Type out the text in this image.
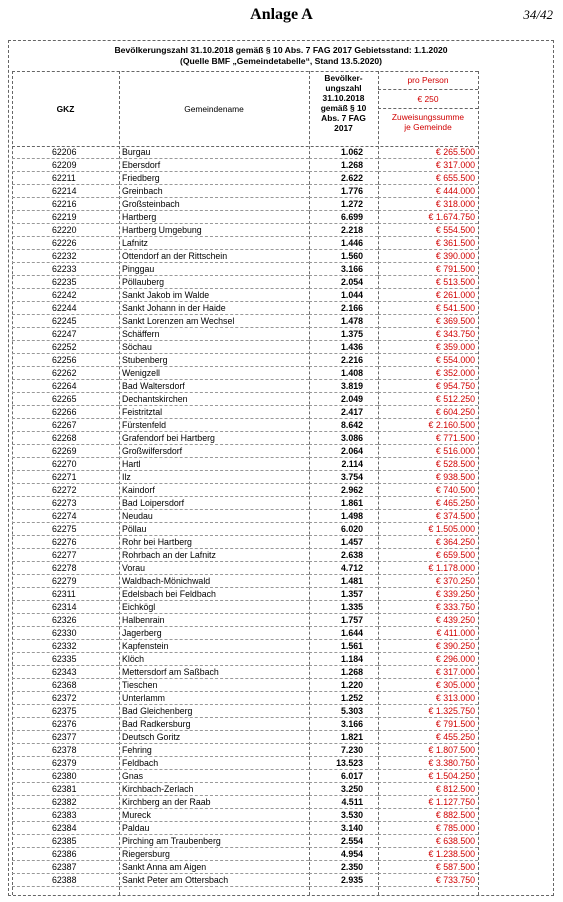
Anlage A	34/42
Bevölkerungszahl 31.10.2018 gemäß § 10 Abs. 7 FAG 2017 Gebietsstand: 1.1.2020
(Quelle BMF „Gemeindetabelle“, Stand 13.5.2020)
GKZ	Gemeindename
Bevölker-
ungszahl
31.10.2018
gemäß § 10
Abs. 7 FAG
2017
pro Person
€ 250
Zuweisungssumme
je Gemeinde
62206	Burgau	1.062	€ 265.500
62209	Ebersdorf	1.268	€ 317.000
62211	Friedberg	2.622	€ 655.500
62214	Greinbach	1.776	€ 444.000
62216	Großsteinbach	1.272	€ 318.000
62219	Hartberg	6.699	€ 1.674.750
62220	Hartberg Umgebung	2.218	€ 554.500
62226	Lafnitz	1.446	€ 361.500
62232	Ottendorf an der Rittschein	1.560	€ 390.000
62233	Pinggau	3.166	€ 791.500
62235	Pöllauberg	2.054	€ 513.500
62242	Sankt Jakob im Walde	1.044	€ 261.000
62244	Sankt Johann in der Haide	2.166	€ 541.500
62245	Sankt Lorenzen am Wechsel	1.478	€ 369.500
62247	Schäffern	1.375	€ 343.750
62252	Söchau	1.436	€ 359.000
62256	Stubenberg	2.216	€ 554.000
62262	Wenigzell	1.408	€ 352.000
62264	Bad Waltersdorf	3.819	€ 954.750
62265	Dechantskirchen	2.049	€ 512.250
62266	Feistritztal	2.417	€ 604.250
62267	Fürstenfeld	8.642	€ 2.160.500
62268	Grafendorf bei Hartberg	3.086	€ 771.500
62269	Großwilfersdorf	2.064	€ 516.000
62270	Hartl	2.114	€ 528.500
62271	Ilz	3.754	€ 938.500
62272	Kaindorf	2.962	€ 740.500
62273	Bad Loipersdorf	1.861	€ 465.250
62274	Neudau	1.498	€ 374.500
62275	Pöllau	6.020	€ 1.505.000
62276	Rohr bei Hartberg	1.457	€ 364.250
62277	Rohrbach an der Lafnitz	2.638	€ 659.500
62278	Vorau	4.712	€ 1.178.000
62279	Waldbach-Mönichwald	1.481	€ 370.250
62311	Edelsbach bei Feldbach	1.357	€ 339.250
62314	Eichkögl	1.335	€ 333.750
62326	Halbenrain	1.757	€ 439.250
62330	Jagerberg	1.644	€ 411.000
62332	Kapfenstein	1.561	€ 390.250
62335	Klöch	1.184	€ 296.000
62343	Mettersdorf am Saßbach	1.268	€ 317.000
62368	Tieschen	1.220	€ 305.000
62372	Unterlamm	1.252	€ 313.000
62375	Bad Gleichenberg	5.303	€ 1.325.750
62376	Bad Radkersburg	3.166	€ 791.500
62377	Deutsch Goritz	1.821	€ 455.250
62378	Fehring	7.230	€ 1.807.500
62379	Feldbach	13.523	€ 3.380.750
62380	Gnas	6.017	€ 1.504.250
62381	Kirchbach-Zerlach	3.250	€ 812.500
62382	Kirchberg an der Raab	4.511	€ 1.127.750
62383	Mureck	3.530	€ 882.500
62384	Paldau	3.140	€ 785.000
62385	Pirching am Traubenberg	2.554	€ 638.500
62386	Riegersburg	4.954	€ 1.238.500
62387	Sankt Anna am Aigen	2.350	€ 587.500
62388	Sankt Peter am Ottersbach	2.935	€ 733.750
